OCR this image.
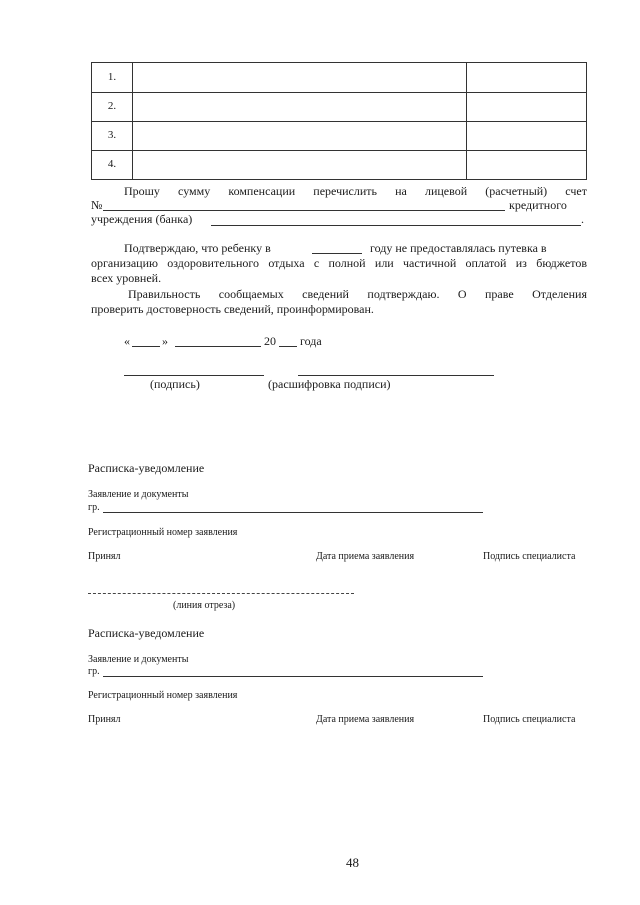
1.
2.
3.
4.
Прошу сумму компенсации перечислить на лицевой (расчетный) счет
№	кредитного
учреждения (банка)	.
Подтверждаю, что ребенку в	году не предоставлялась путевка в
организацию оздоровительного отдыха с полной или частичной оплатой из бюджетов
всех уровней.
Правильность сообщаемых сведений подтверждаю. О праве Отделения
проверить достоверность сведений, проинформирован.
«	»	20 года
(подпись)	(расшифровка подписи)
Расписка-уведомление
Заявление и документы
гр.
Регистрационный номер заявления
Принял	Дата приема заявления	Подпись специалиста
(линия отреза)
Расписка-уведомление
Заявление и документы
гр.
Регистрационный номер заявления
Принял	Дата приема заявления	Подпись специалиста
48
